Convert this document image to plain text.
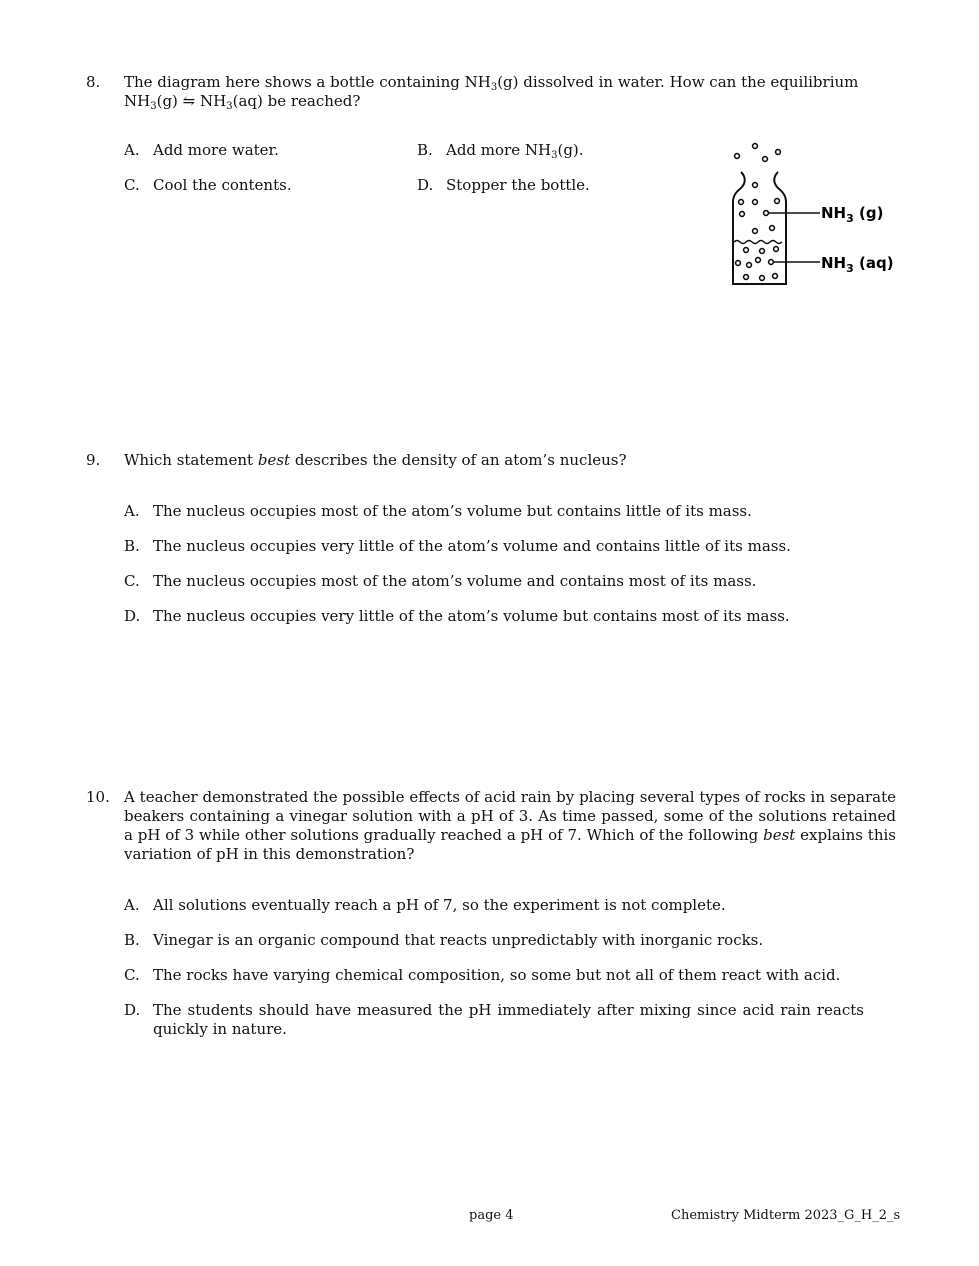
8. The diagram here shows a bottle containing $NH_3(g)$ dissolved in water. How can the equilibrium
$NH_3(g)$ ⇋ $NH_3(aq)$ be reached?
A. Add more water.	B. Add more $NH_3(g)$.
C. Cool the contents.	D. Stopper the bottle.
$NH_3$ (g)
$NH_3$ (aq)
9. Which statement best describes the density of an atom’s nucleus?
A. The nucleus occupies most of the atom’s volume but contains little of its mass.
B. The nucleus occupies very little of the atom’s volume and contains little of its mass.
C. The nucleus occupies most of the atom’s volume and contains most of its mass.
D. The nucleus occupies very little of the atom’s volume but contains most of its mass.
10. A teacher demonstrated the possible effects of acid rain by placing several types of rocks in separate beakers containing a vinegar solution with a pH of 3. As time passed, some of the solutions retained a pH of 3 while other solutions gradually reached a pH of 7. Which of the following best explains this variation of pH in this demonstration?
A. All solutions eventually reach a pH of 7, so the experiment is not complete.
B. Vinegar is an organic compound that reacts unpredictably with inorganic rocks.
C. The rocks have varying chemical composition, so some but not all of them react with acid.
D. The students should have measured the pH immediately after mixing since acid rain reacts quickly in nature.
page 4	Chemistry Midterm 2023_G_H_2_s
